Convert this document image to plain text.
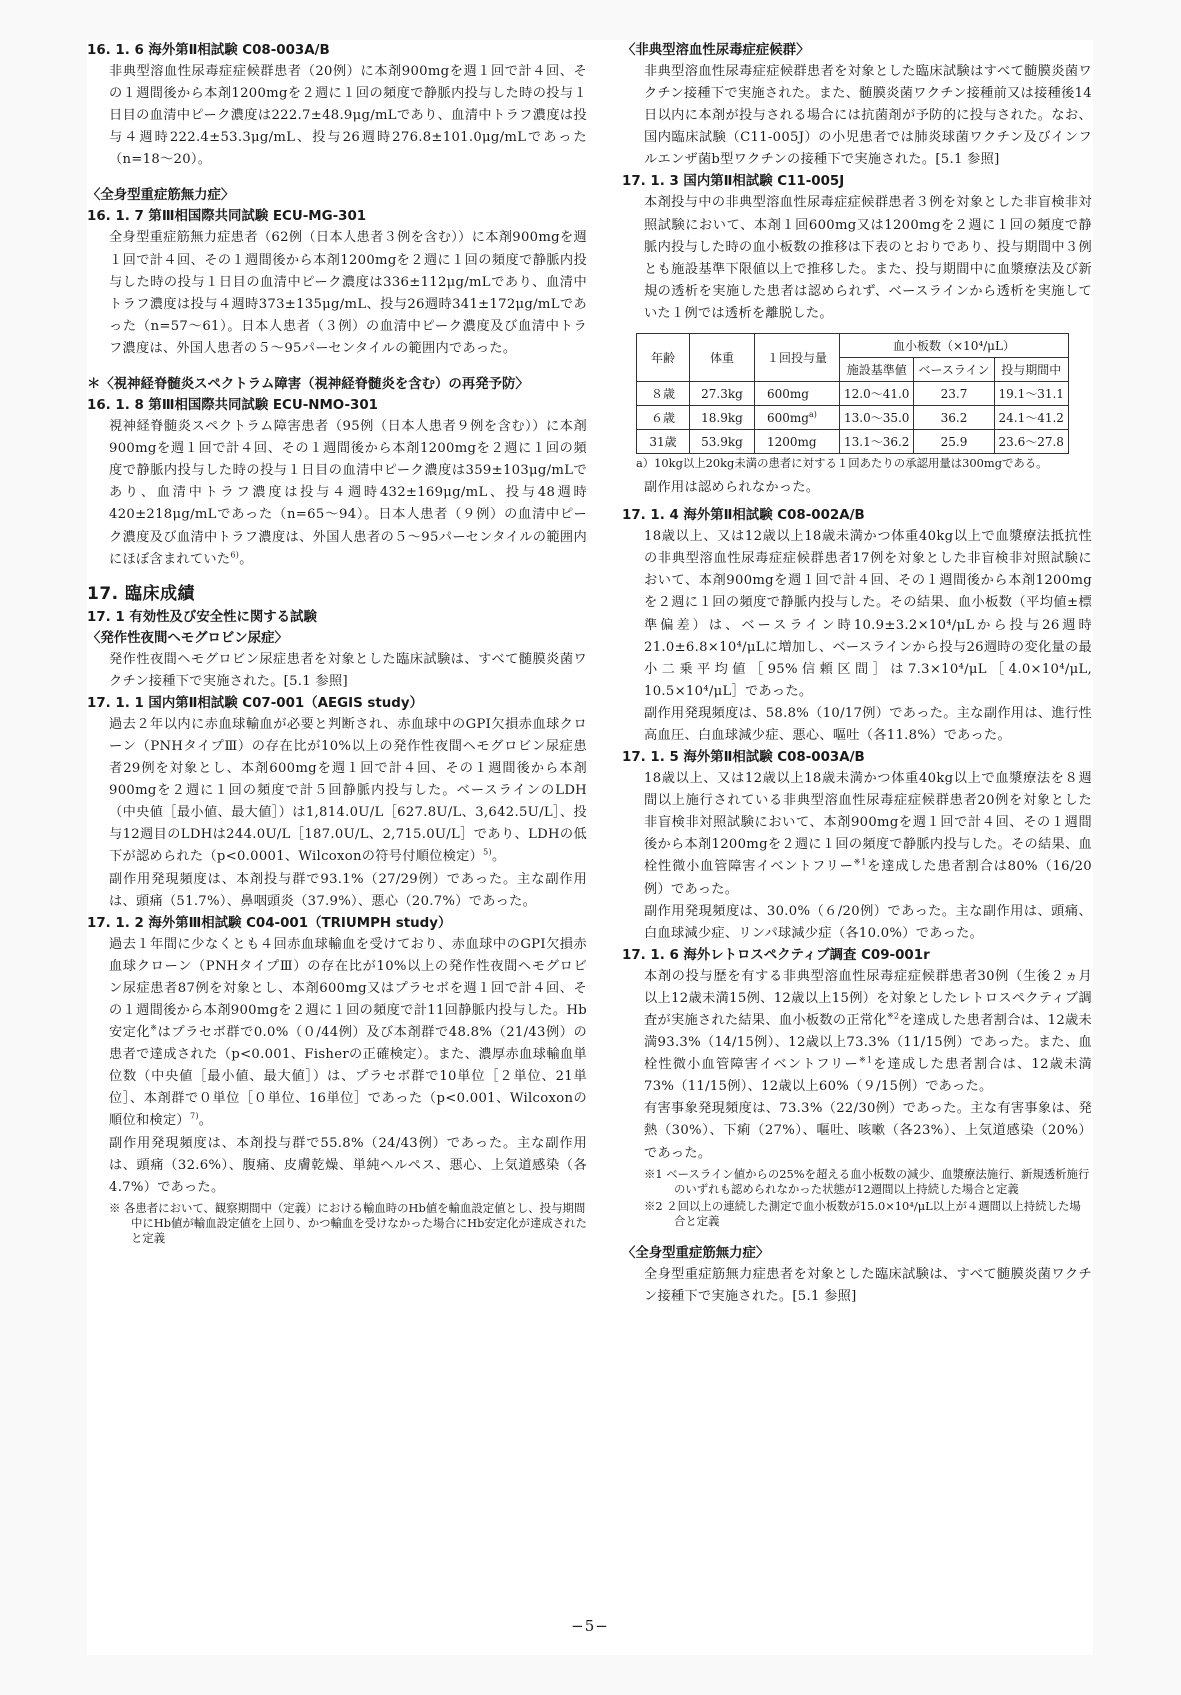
16. 1. 6 海外第Ⅱ相試験 C08-003A/B

非典型溶血性尿毒症症候群患者（20例）に本剤900mgを週１回で計４回、その１週間後から本剤1200mgを２週に１回の頻度で静脈内投与した時の投与１日目の血清中ピーク濃度は222.7±48.9μg/mLであり、血清中トラフ濃度は投与４週時222.4±53.3μg/mL、投与26週時276.8±101.0μg/mLであった（n=18〜20）。

〈全身型重症筋無力症〉
16. 1. 7 第Ⅲ相国際共同試験 ECU-MG-301

全身型重症筋無力症患者（62例（日本人患者３例を含む））に本剤900mgを週１回で計４回、その１週間後から本剤1200mgを２週に１回の頻度で静脈内投与した時の投与１日目の血清中ピーク濃度は336±112μg/mLであり、血清中トラフ濃度は投与４週時373±135μg/mL、投与26週時341±172μg/mLであった（n=57〜61）。日本人患者（３例）の血清中ピーク濃度及び血清中トラフ濃度は、外国人患者の５〜95パーセンタイルの範囲内であった。

＊〈視神経脊髄炎スペクトラム障害（視神経脊髄炎を含む）の再発予防〉
16. 1. 8 第Ⅲ相国際共同試験 ECU-NMO-301

視神経脊髄炎スペクトラム障害患者（95例（日本人患者９例を含む））に本剤900mgを週１回で計４回、その１週間後から本剤1200mgを２週に１回の頻度で静脈内投与した時の投与１日目の血清中ピーク濃度は359±103μg/mLであり、血清中トラフ濃度は投与４週時432±169μg/mL、投与48週時420±218μg/mLであった（n=65〜94）。日本人患者（９例）の血清中ピーク濃度及び血清中トラフ濃度は、外国人患者の５〜95パーセンタイルの範囲内にほぼ含まれていた$^{6)}$。

17. 臨床成績
17. 1 有効性及び安全性に関する試験
〈発作性夜間ヘモグロビン尿症〉

発作性夜間ヘモグロビン尿症患者を対象とした臨床試験は、すべて髄膜炎菌ワクチン接種下で実施された。[5.1 参照]

17. 1. 1 国内第Ⅱ相試験 C07-001（AEGIS study）

過去２年以内に赤血球輸血が必要と判断され、赤血球中のGPI欠損赤血球クローン（PNHタイプⅢ）の存在比が10%以上の発作性夜間ヘモグロビン尿症患者29例を対象とし、本剤600mgを週１回で計４回、その１週間後から本剤900mgを２週に１回の頻度で計５回静脈内投与した。ベースラインのLDH（中央値［最小値、最大値］）は1,814.0U/L［627.8U/L、3,642.5U/L］、投与12週目のLDHは244.0U/L［187.0U/L、2,715.0U/L］であり、LDHの低下が認められた（p<0.0001、Wilcoxonの符号付順位検定）$^{5)}$。

副作用発現頻度は、本剤投与群で93.1%（27/29例）であった。主な副作用は、頭痛（51.7%）、鼻咽頭炎（37.9%）、悪心（20.7%）であった。

17. 1. 2 海外第Ⅲ相試験 C04-001（TRIUMPH study）

過去１年間に少なくとも４回赤血球輸血を受けており、赤血球中のGPI欠損赤血球クローン（PNHタイプⅢ）の存在比が10%以上の発作性夜間ヘモグロビン尿症患者87例を対象とし、本剤600mg又はプラセボを週１回で計４回、その１週間後から本剤900mgを２週に１回の頻度で計11回静脈内投与した。Hb安定化※はプラセボ群で0.0%（０/44例）及び本剤群で48.8%（21/43例）の患者で達成された（p<0.001、Fisherの正確検定）。また、濃厚赤血球輸血単位数（中央値［最小値、最大値］）は、プラセボ群で10単位［２単位、21単位］、本剤群で０単位［０単位、16単位］であった（p<0.001、Wilcoxonの順位和検定）$^{7)}$。

副作用発現頻度は、本剤投与群で55.8%（24/43例）であった。主な副作用は、頭痛（32.6%）、腹痛、皮膚乾燥、単純ヘルペス、悪心、上気道感染（各4.7%）であった。

※ 各患者において、観察期間中（定義）における輸血時のHb値を輸血設定値とし、投与期間中にHb値が輸血設定値を上回り、かつ輸血を受けなかった場合にHb安定化が達成されたと定義

〈非典型溶血性尿毒症症候群〉

非典型溶血性尿毒症症候群患者を対象とした臨床試験はすべて髄膜炎菌ワクチン接種下で実施された。また、髄膜炎菌ワクチン接種前又は接種後14日以内に本剤が投与される場合には抗菌剤が予防的に投与された。なお、国内臨床試験（C11-005J）の小児患者では肺炎球菌ワクチン及びインフルエンザ菌b型ワクチンの接種下で実施された。[5.1 参照]

17. 1. 3 国内第Ⅱ相試験 C11-005J

本剤投与中の非典型溶血性尿毒症症候群患者３例を対象とした非盲検非対照試験において、本剤１回600mg又は1200mgを２週に１回の頻度で静脈内投与した時の血小板数の推移は下表のとおりであり、投与期間中３例とも施設基準下限値以上で推移した。また、投与期間中に血漿療法及び新規の透析を実施した患者は認められず、ベースラインから透析を実施していた１例では透析を離脱した。

年齢	体重	１回投与量	血小板数（×10⁴/μL）		
			施設基準値	ベースライン	投与期間中
８歳	27.3kg	600mg	12.0〜41.0	23.7	19.1〜31.1
６歳	18.9kg	$600mg^{a)}$	13.0〜35.0	36.2	24.1〜41.2
31歳	53.9kg	1200mg	13.1〜36.2	25.9	23.6〜27.8

a）10kg以上20kg未満の患者に対する１回あたりの承認用量は300mgである。

副作用は認められなかった。

17. 1. 4 海外第Ⅱ相試験 C08-002A/B

18歳以上、又は12歳以上18歳未満かつ体重40kg以上で血漿療法抵抗性の非典型溶血性尿毒症症候群患者17例を対象とした非盲検非対照試験において、本剤900mgを週１回で計４回、その１週間後から本剤1200mgを２週に１回の頻度で静脈内投与した。その結果、血小板数（平均値±標準偏差）は、ベースライン時10.9±3.2×10⁴/μLから投与26週時21.0±6.8×10⁴/μLに増加し、ベースラインから投与26週時の変化量の最小二乗平均値［95%信頼区間］は7.3×10⁴/μL［4.0×10⁴/μL, 10.5×10⁴/μL］であった。

副作用発現頻度は、58.8%（10/17例）であった。主な副作用は、進行性高血圧、白血球減少症、悪心、嘔吐（各11.8%）であった。

17. 1. 5 海外第Ⅱ相試験 C08-003A/B

18歳以上、又は12歳以上18歳未満かつ体重40kg以上で血漿療法を８週間以上施行されている非典型溶血性尿毒症症候群患者20例を対象とした非盲検非対照試験において、本剤900mgを週１回で計４回、その１週間後から本剤1200mgを２週に１回の頻度で静脈内投与した。その結果、血栓性微小血管障害イベントフリー$^{※1}$を達成した患者割合は80%（16/20例）であった。

副作用発現頻度は、30.0%（６/20例）であった。主な副作用は、頭痛、白血球減少症、リンパ球減少症（各10.0%）であった。

17. 1. 6 海外レトロスペクティブ調査 C09-001r

本剤の投与歴を有する非典型溶血性尿毒症症候群患者30例（生後２ヵ月以上12歳未満15例、12歳以上15例）を対象としたレトロスペクティブ調査が実施された結果、血小板数の正常化$^{※2}$を達成した患者割合は、12歳未満93.3%（14/15例）、12歳以上73.3%（11/15例）であった。また、血栓性微小血管障害イベントフリー$^{※1}$を達成した患者割合は、12歳未満73%（11/15例）、12歳以上60%（９/15例）であった。

有害事象発現頻度は、73.3%（22/30例）であった。主な有害事象は、発熱（30%）、下痢（27%）、嘔吐、咳嗽（各23%）、上気道感染（20%）であった。

※1 ベースライン値からの25%を超える血小板数の減少、血漿療法施行、新規透析施行のいずれも認められなかった状態が12週間以上持続した場合と定義

※2 ２回以上の連続した測定で血小板数が15.0×10⁴/μL以上が４週間以上持続した場合と定義

〈全身型重症筋無力症〉

全身型重症筋無力症患者を対象とした臨床試験は、すべて髄膜炎菌ワクチン接種下で実施された。[5.1 参照]

−5−
